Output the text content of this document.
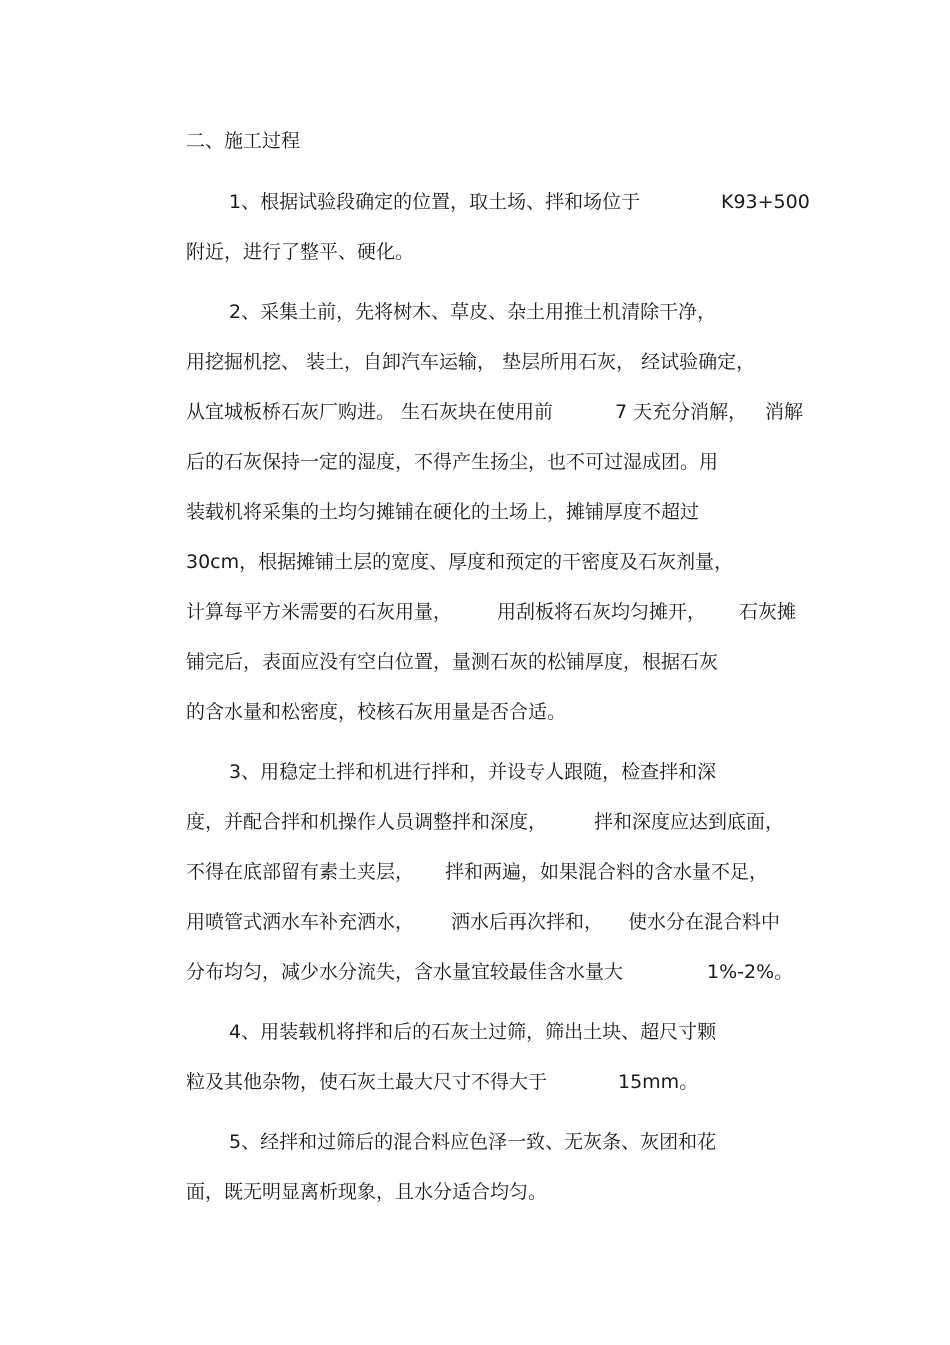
二、施工过程
1、根据试验段确定的位置，取土场、拌和场位于	K93+500
附近，进行了整平、硬化。
2、采集土前，先将树木、草皮、杂土用推土机清除干净，
用挖掘机挖、 装土，自卸汽车运输， 垫层所用石灰， 经试验确定，
从宜城板桥石灰厂购进。 生石灰块在使用前	7 天充分消解， 消解
后的石灰保持一定的湿度，不得产生扬尘，也不可过湿成团。用
装载机将采集的土均匀摊铺在硬化的土场上，摊铺厚度不超过
30cm，根据摊铺土层的宽度、厚度和预定的干密度及石灰剂量，
计算每平方米需要的石灰用量， 用刮板将石灰均匀摊开， 石灰摊
铺完后，表面应没有空白位置，量测石灰的松铺厚度，根据石灰
的含水量和松密度，校核石灰用量是否合适。
3、用稳定土拌和机进行拌和，并设专人跟随，检查拌和深
度，并配合拌和机操作人员调整拌和深度， 拌和深度应达到底面，
不得在底部留有素土夹层， 拌和两遍，如果混合料的含水量不足，
用喷管式洒水车补充洒水， 洒水后再次拌和， 使水分在混合料中
分布均匀，减少水分流失，含水量宜较最佳含水量大	1%-2%。
4、用装载机将拌和后的石灰土过筛，筛出土块、超尺寸颗
粒及其他杂物，使石灰土最大尺寸不得大于	15mm。
5、经拌和过筛后的混合料应色泽一致、无灰条、灰团和花
面，既无明显离析现象，且水分适合均匀。
